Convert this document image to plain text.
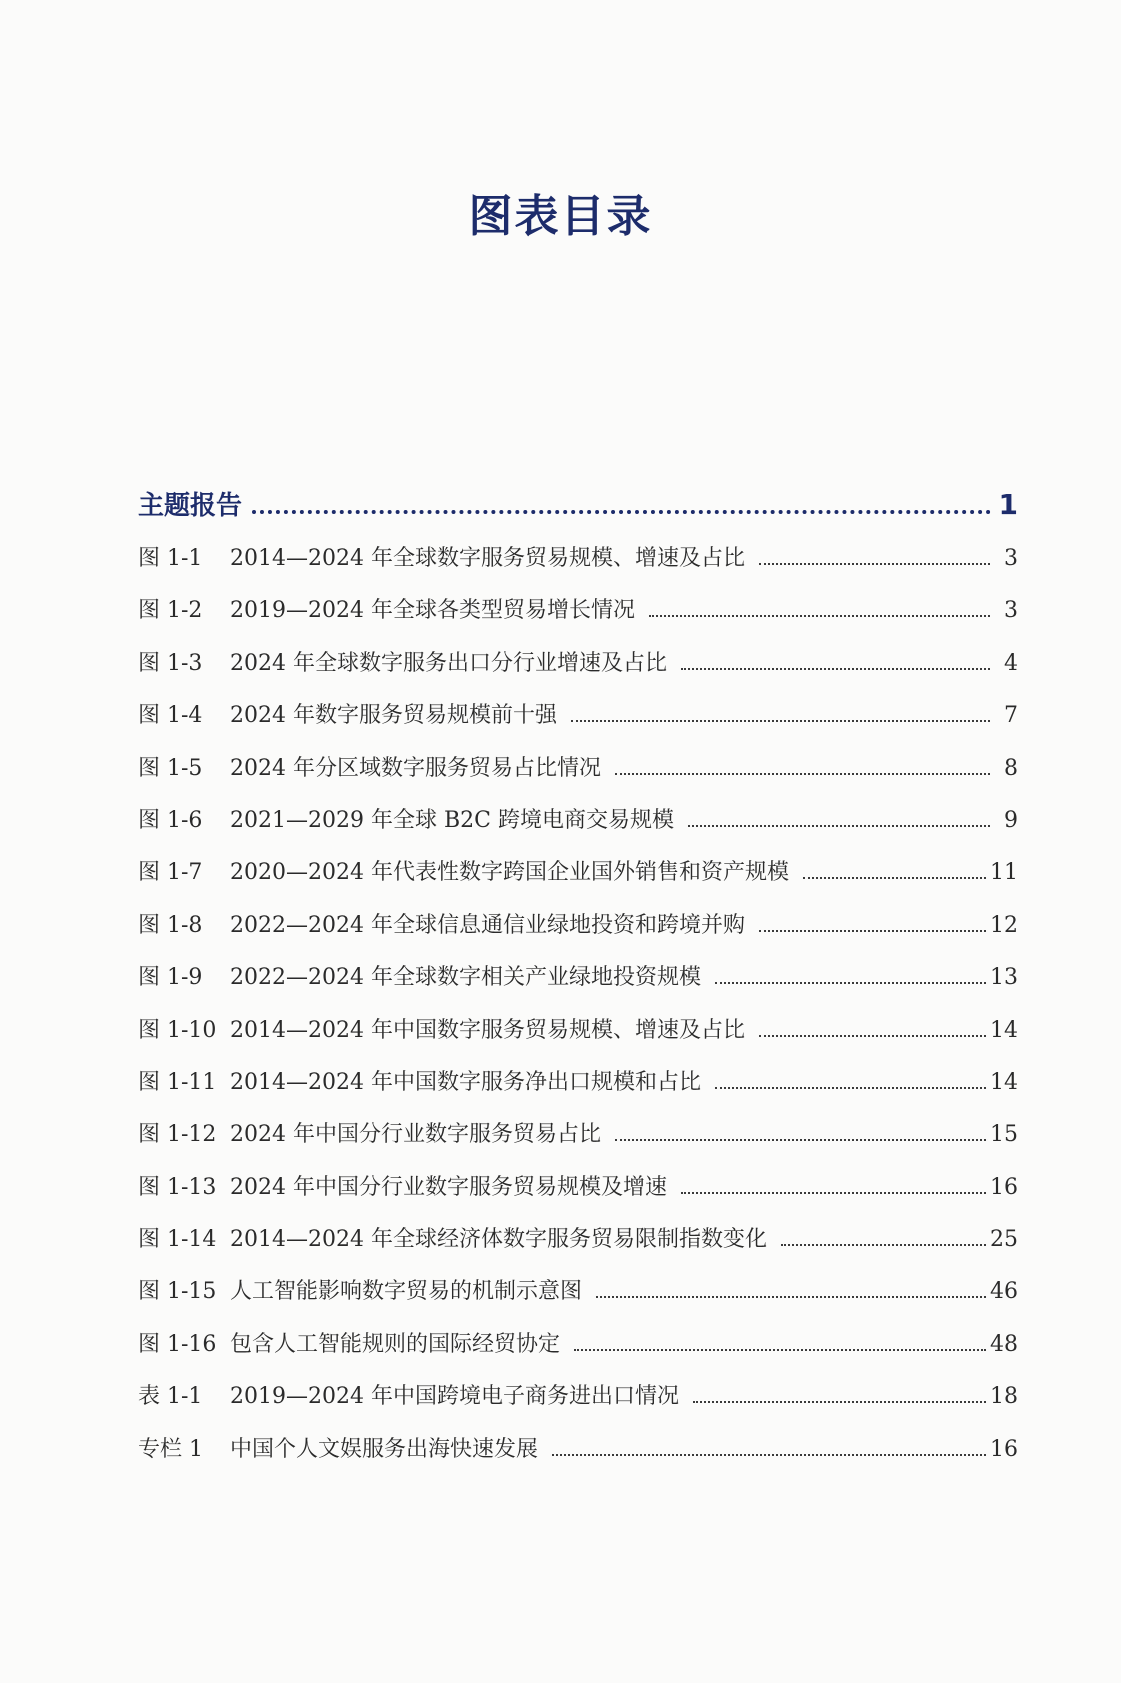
图表目录
主题报告	1
图 1-1	2014—2024 年全球数字服务贸易规模、增速及占比	3
图 1-2	2019—2024 年全球各类型贸易增长情况	3
图 1-3	2024 年全球数字服务出口分行业增速及占比	4
图 1-4	2024 年数字服务贸易规模前十强	7
图 1-5	2024 年分区域数字服务贸易占比情况	8
图 1-6	2021—2029 年全球 B2C 跨境电商交易规模	9
图 1-7	2020—2024 年代表性数字跨国企业国外销售和资产规模	11
图 1-8	2022—2024 年全球信息通信业绿地投资和跨境并购	12
图 1-9	2022—2024 年全球数字相关产业绿地投资规模	13
图 1-10 2014—2024 年中国数字服务贸易规模、增速及占比	14
图 1-11 2014—2024 年中国数字服务净出口规模和占比	14
图 1-12 2024 年中国分行业数字服务贸易占比	15
图 1-13 2024 年中国分行业数字服务贸易规模及增速	16
图 1-14 2014—2024 年全球经济体数字服务贸易限制指数变化	25
图 1-15 人工智能影响数字贸易的机制示意图	46
图 1-16 包含人工智能规则的国际经贸协定	48
表 1-1	2019—2024 年中国跨境电子商务进出口情况	18
专栏 1	中国个人文娱服务出海快速发展	16
